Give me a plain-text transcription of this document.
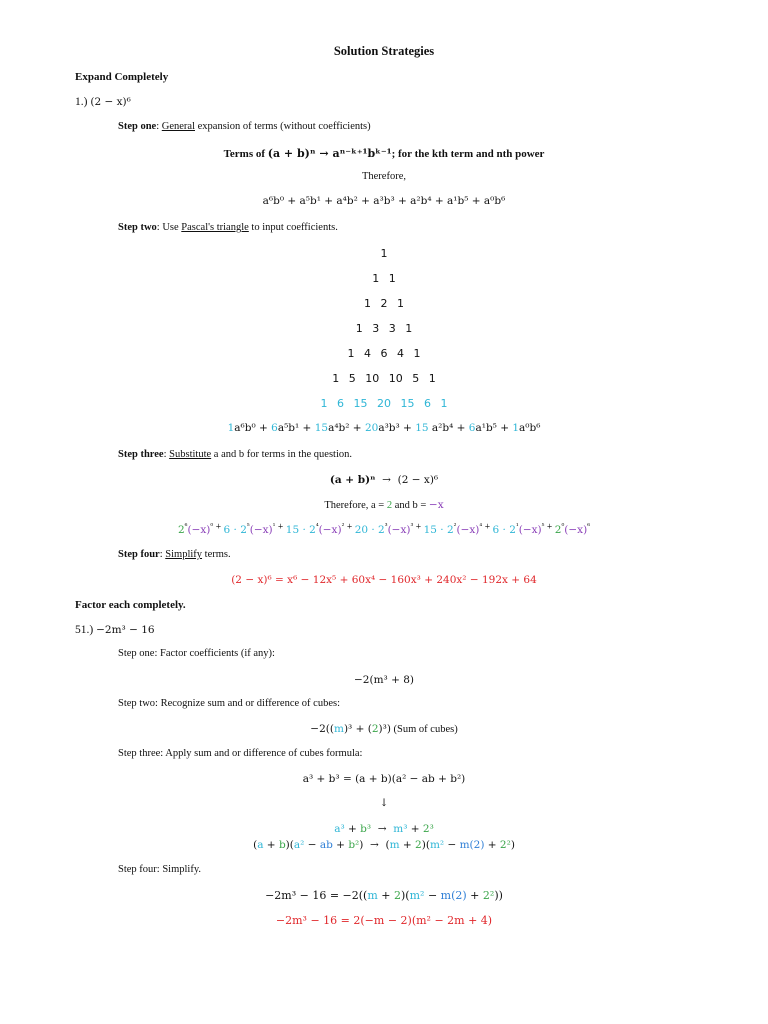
Solution Strategies
Expand Completely
1.) (2 − x)⁶
Step one: General expansion of terms (without coefficients)
Terms of (a + b)ⁿ → aⁿ⁻ᵏ⁺¹bᵏ⁻¹; for the kth term and nth power
Therefore,
a⁶b⁰ + a⁵b¹ + a⁴b² + a³b³ + a²b⁴ + a¹b⁵ + a⁰b⁶
Step two: Use Pascal's triangle to input coefficients.
1
1 1
1 2 1
1 3 3 1
1 4 6 4 1
1 5 10 10 5 1
1 6 15 20 15 6 1
1a⁶b⁰ + 6a⁵b¹ + 15a⁴b² + 20a³b³ + 15 a²b⁴ + 6a¹b⁵ + 1a⁰b⁶
Step three: Substitute a and b for terms in the question.
(a + b)ⁿ  →  (2 − x)⁶
Therefore, a = 2 and b = −x
$2^{^6}(-x)^{^0 +}$ $6 \cdot 2^{^5}(-x)^{^1 +}$ $15 \cdot 2^{^4}(-x)^{^2 +}$ $20 \cdot 2^{^3}(-x)^{^3 +}$ $15 \cdot 2^{^2}(-x)^{^4 +}$ $6 \cdot 2^{^1}(-x)^{^5 +}$ $2^{^0}(-x)^{^6}$
Step four: Simplify terms.
(2 − x)⁶ = x⁶ − 12x⁵ + 60x⁴ − 160x³ + 240x² − 192x + 64
Factor each completely.
51.) −2m³ − 16
Step one: Factor coefficients (if any):
−2(m³ + 8)
Step two: Recognize sum and or difference of cubes:
−2((m)³ + (2)³) (Sum of cubes)
Step three: Apply sum and or difference of cubes formula:
a³ + b³ = (a + b)(a² − ab + b²)
↓
a³ + b³  →  m³ + 2³
(a + b)(a² − ab + b²)  →  (m + 2)(m² − m(2) + 2²)
Step four: Simplify.
−2m³ − 16 = −2((m + 2)(m² − m(2) + 2²))
−2m³ − 16 = 2(−m − 2)(m² − 2m + 4)
